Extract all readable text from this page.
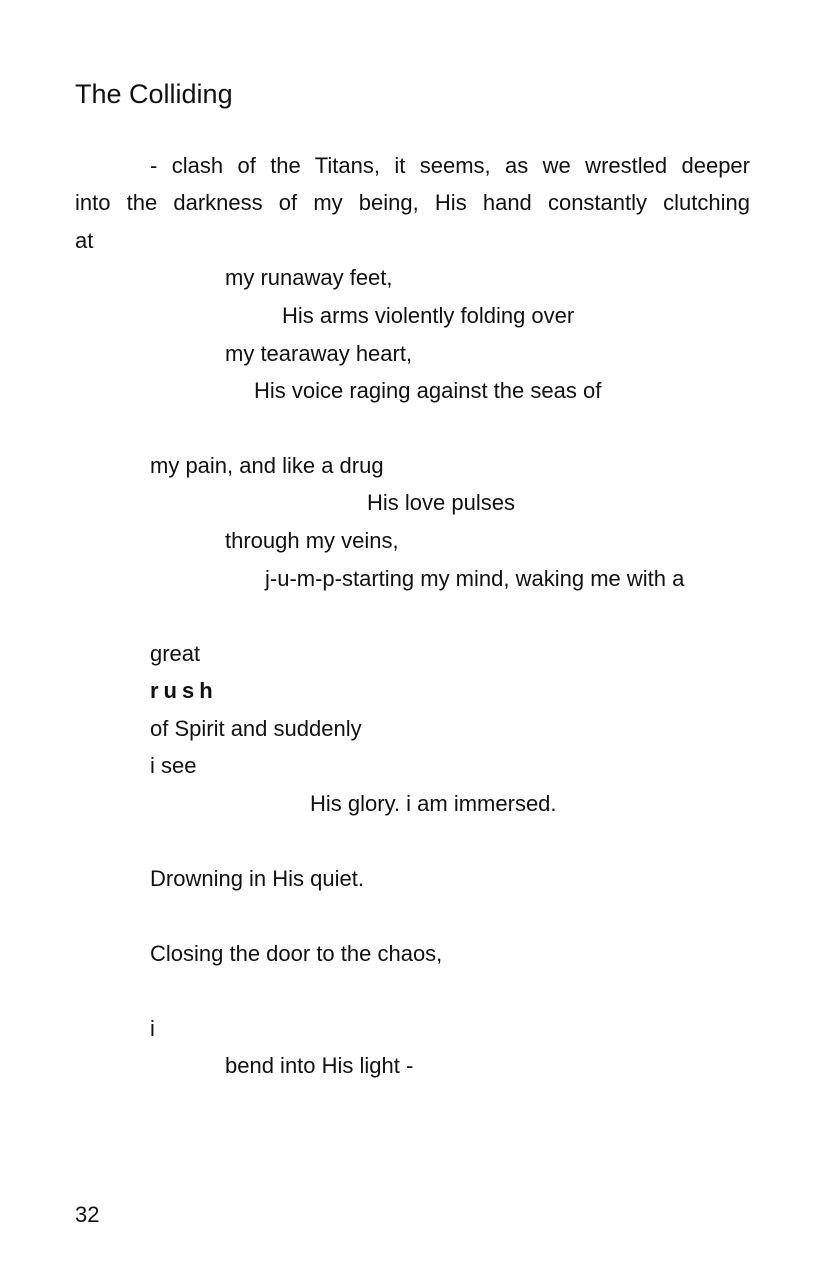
The Colliding
- clash of the Titans, it seems, as we wrestled deeper
into the darkness of my being, His hand constantly clutching
at
my runaway feet,
His arms violently folding over
my tearaway heart,
His voice raging against the seas of
my pain, and like a drug
His love pulses
through my veins,
j-u-m-p-starting my mind, waking me with a
great
rush
of Spirit and suddenly
i see
His glory. i am immersed.
Drowning in His quiet.
Closing the door to the chaos,
i
bend into His light -
32
